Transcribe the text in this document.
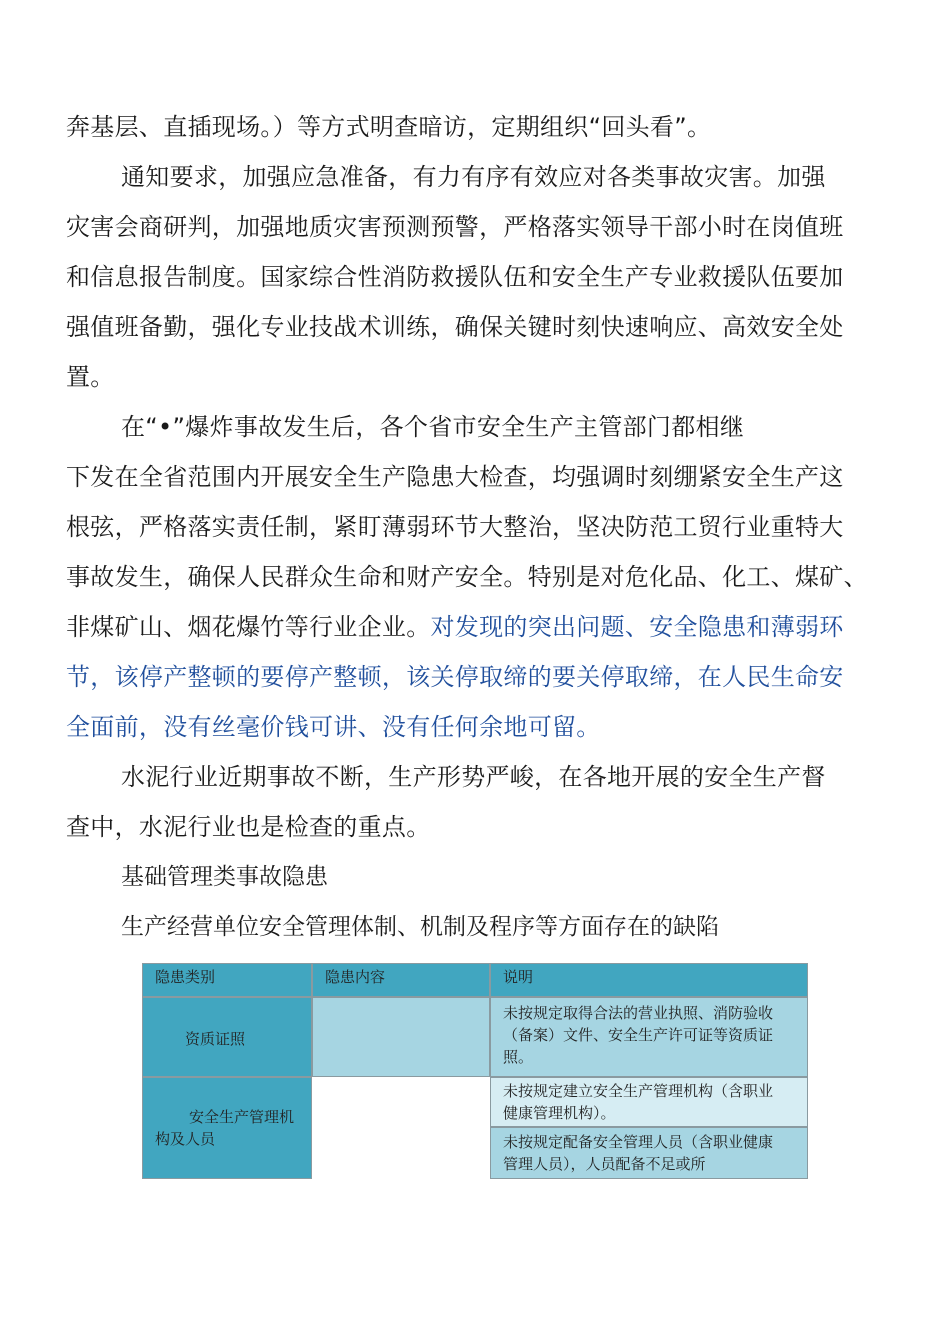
奔基层、直插现场。）等方式明查暗访，定期组织“回头看”。

通知要求，加强应急准备，有力有序有效应对各类事故灾害。加强

灾害会商研判，加强地质灾害预测预警，严格落实领导干部小时在岗值班

和信息报告制度。国家综合性消防救援队伍和安全生产专业救援队伍要加

强值班备勤，强化专业技战术训练，确保关键时刻快速响应、高效安全处

置。

在“•”爆炸事故发生后，各个省市安全生产主管部门都相继

下发在全省范围内开展安全生产隐患大检查，均强调时刻绷紧安全生产这

根弦，严格落实责任制，紧盯薄弱环节大整治，坚决防范工贸行业重特大

事故发生，确保人民群众生命和财产安全。特别是对危化品、化工、煤矿、

非煤矿山、烟花爆竹等行业企业。对发现的突出问题、安全隐患和薄弱环

节，该停产整顿的要停产整顿，该关停取缔的要关停取缔，在人民生命安

全面前，没有丝毫价钱可讲、没有任何余地可留。

水泥行业近期事故不断，生产形势严峻，在各地开展的安全生产督

查中，水泥行业也是检查的重点。

基础管理类事故隐患

生产经营单位安全管理体制、机制及程序等方面存在的缺陷

隐患类别	隐患内容	说明
资质证照
未按规定取得合法的营业执照、消防验收
（备案）文件、安全生产许可证等资质证
照。
安全生产管理机
构及人员
未按规定建立安全生产管理机构（含职业
健康管理机构）。
未按规定配备安全管理人员（含职业健康
管理人员），人员配备不足或所
